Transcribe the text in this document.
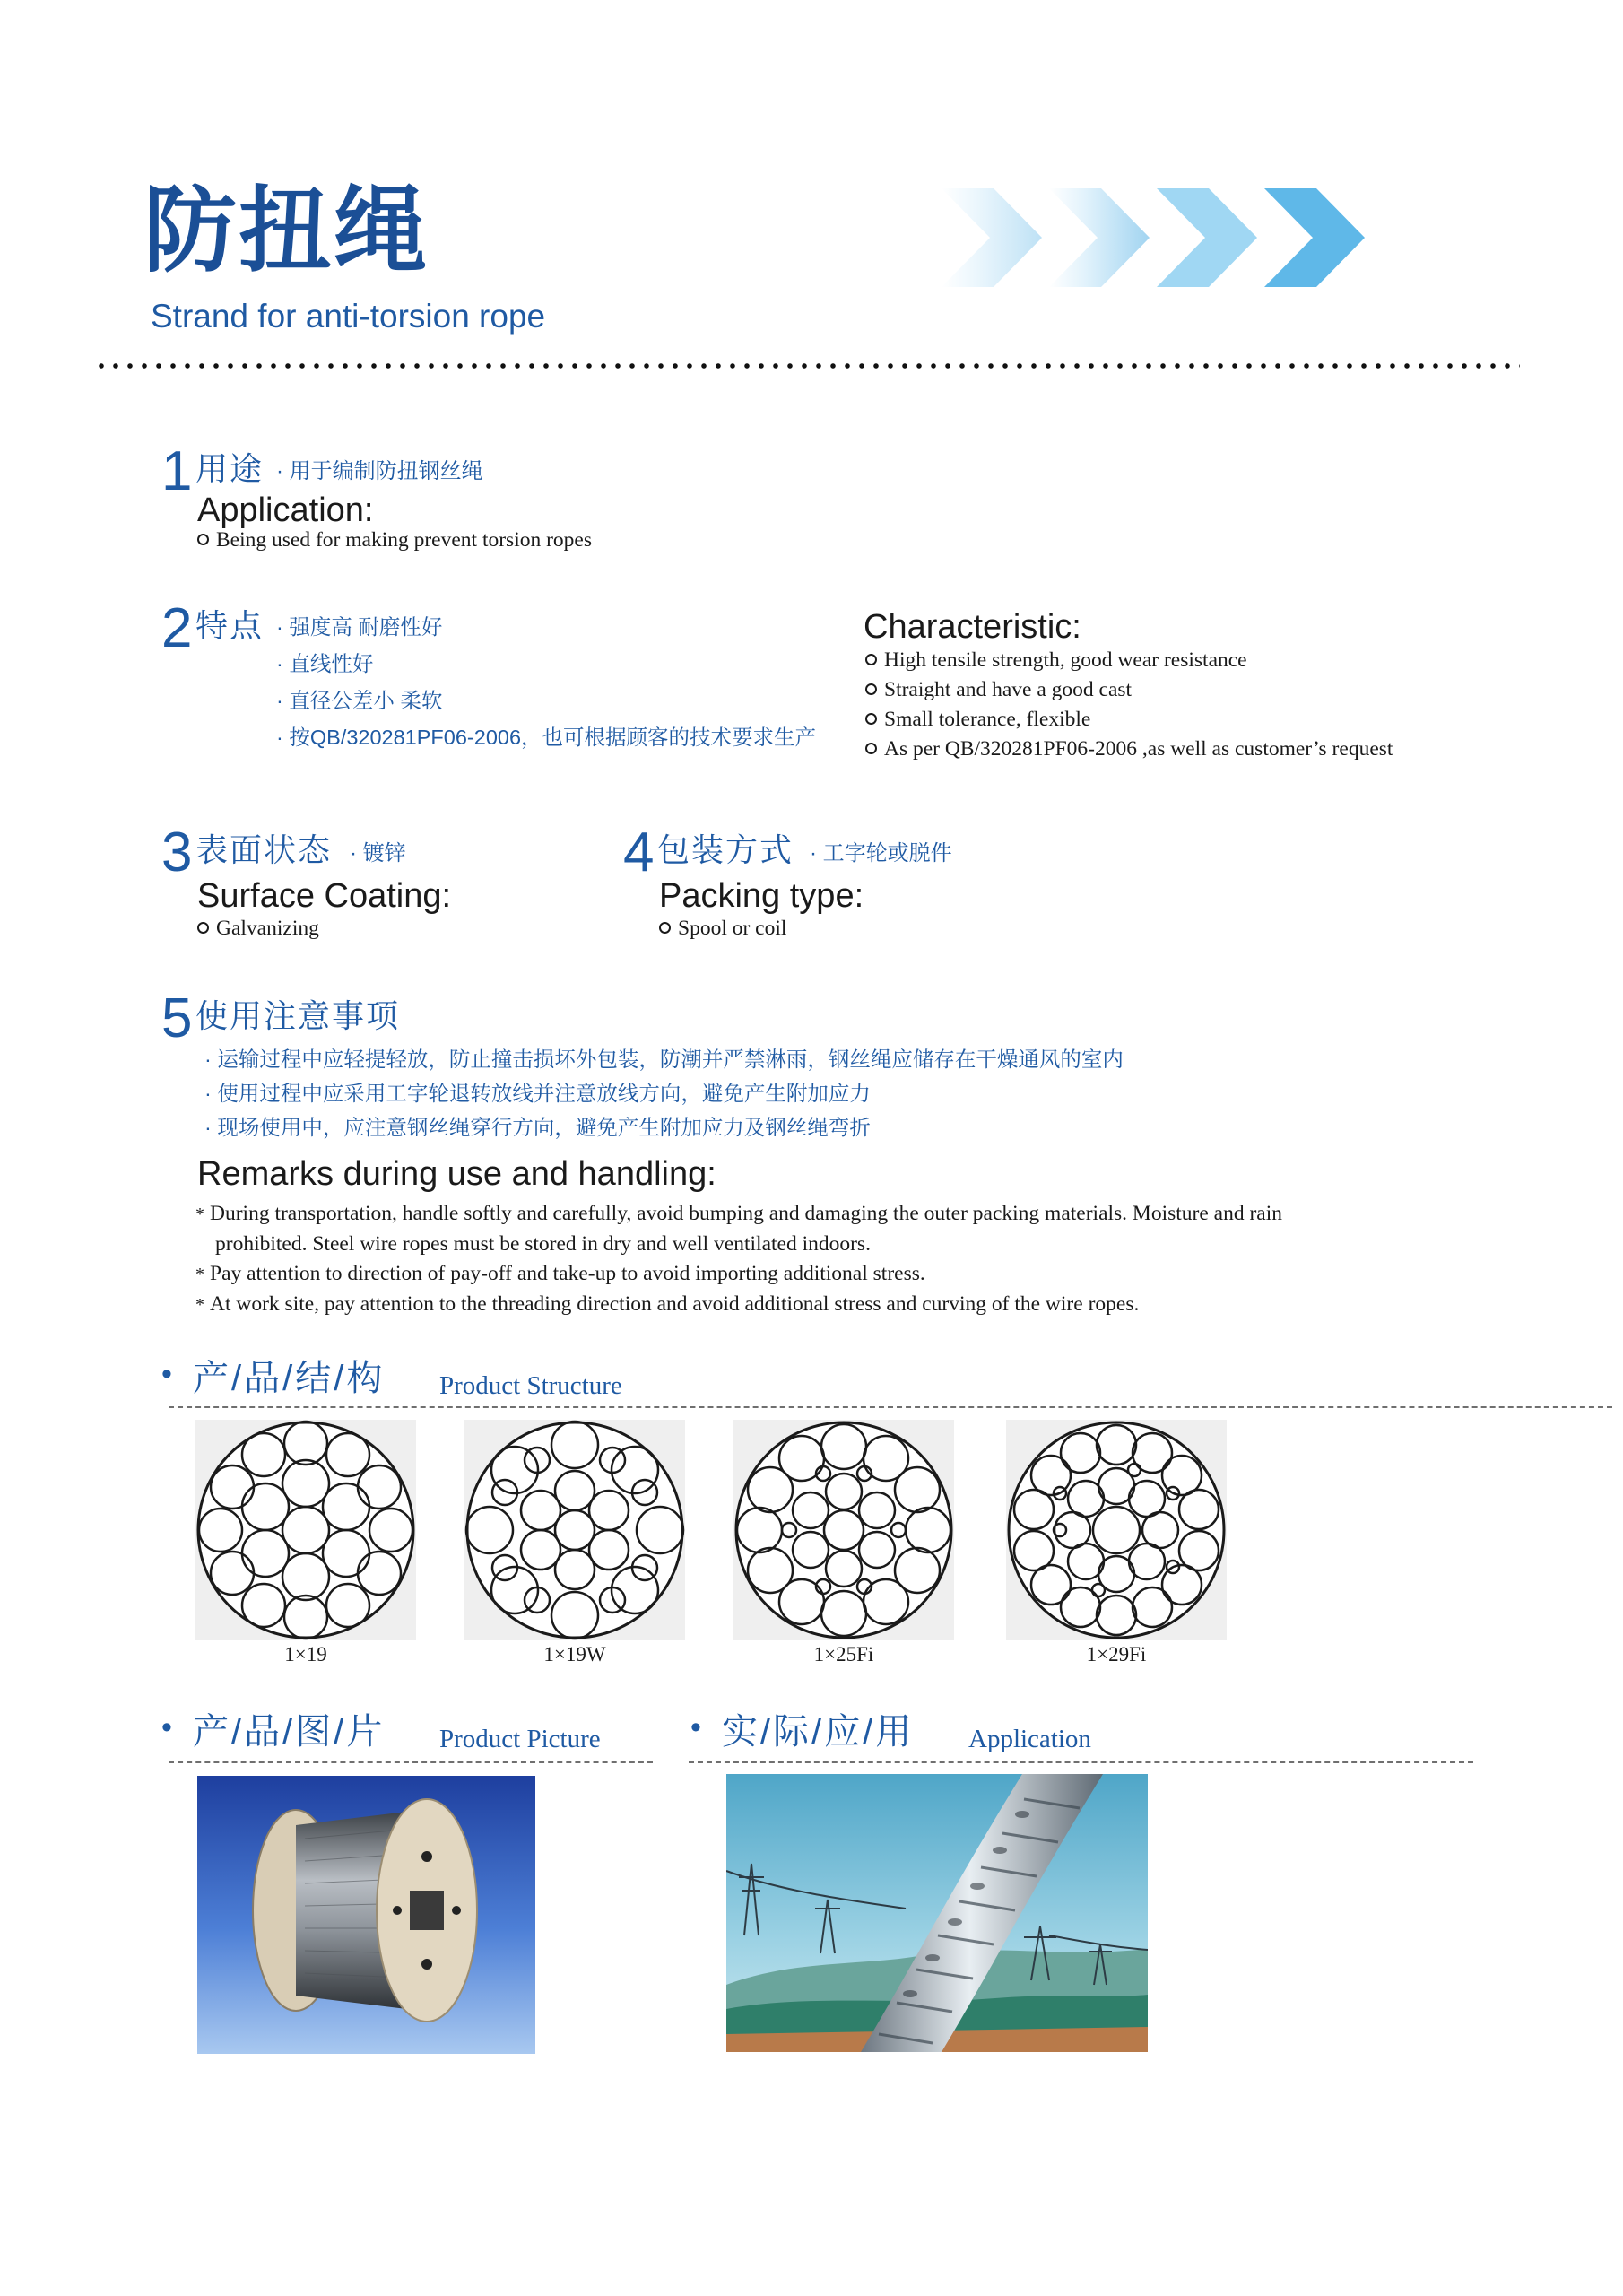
防扭绳
Strand for anti-torsion rope
1 用途 · 用于编制防扭钢丝绳
Application:
Being used for making prevent torsion ropes
2 特点 · 强度高 耐磨性好
· 直线性好
· 直径公差小 柔软
· 按QB/320281PF06-2006，也可根据顾客的技术要求生产
Characteristic:
High tensile strength, good wear resistance
Straight and have a good cast
Small tolerance, flexible
As per QB/320281PF06-2006 ,as well as customer’s request
3 表面状态 · 镀锌
Surface Coating:
Galvanizing
4 包装方式 · 工字轮或脱件
Packing type:
Spool or coil
5 使用注意事项
· 运输过程中应轻提轻放，防止撞击损坏外包装，防潮并严禁淋雨，钢丝绳应储存在干燥通风的室内
· 使用过程中应采用工字轮退转放线并注意放线方向，避免产生附加应力
· 现场使用中，应注意钢丝绳穿行方向，避免产生附加应力及钢丝绳弯折
Remarks during use and handling:
* During transportation, handle softly and carefully, avoid bumping and damaging the outer packing materials. Moisture and rain
prohibited. Steel wire ropes must be stored in dry and well ventilated indoors.
* Pay attention to direction of pay-off and take-up to avoid importing additional stress.
* At work site, pay attention to the threading direction and avoid additional stress and curving of the wire ropes.
• 产/品/结/构 Product Structure
1×19	1×19W	1×25Fi	1×29Fi
• 产/品/图/片 Product Picture	• 实/际/应/用 Application
